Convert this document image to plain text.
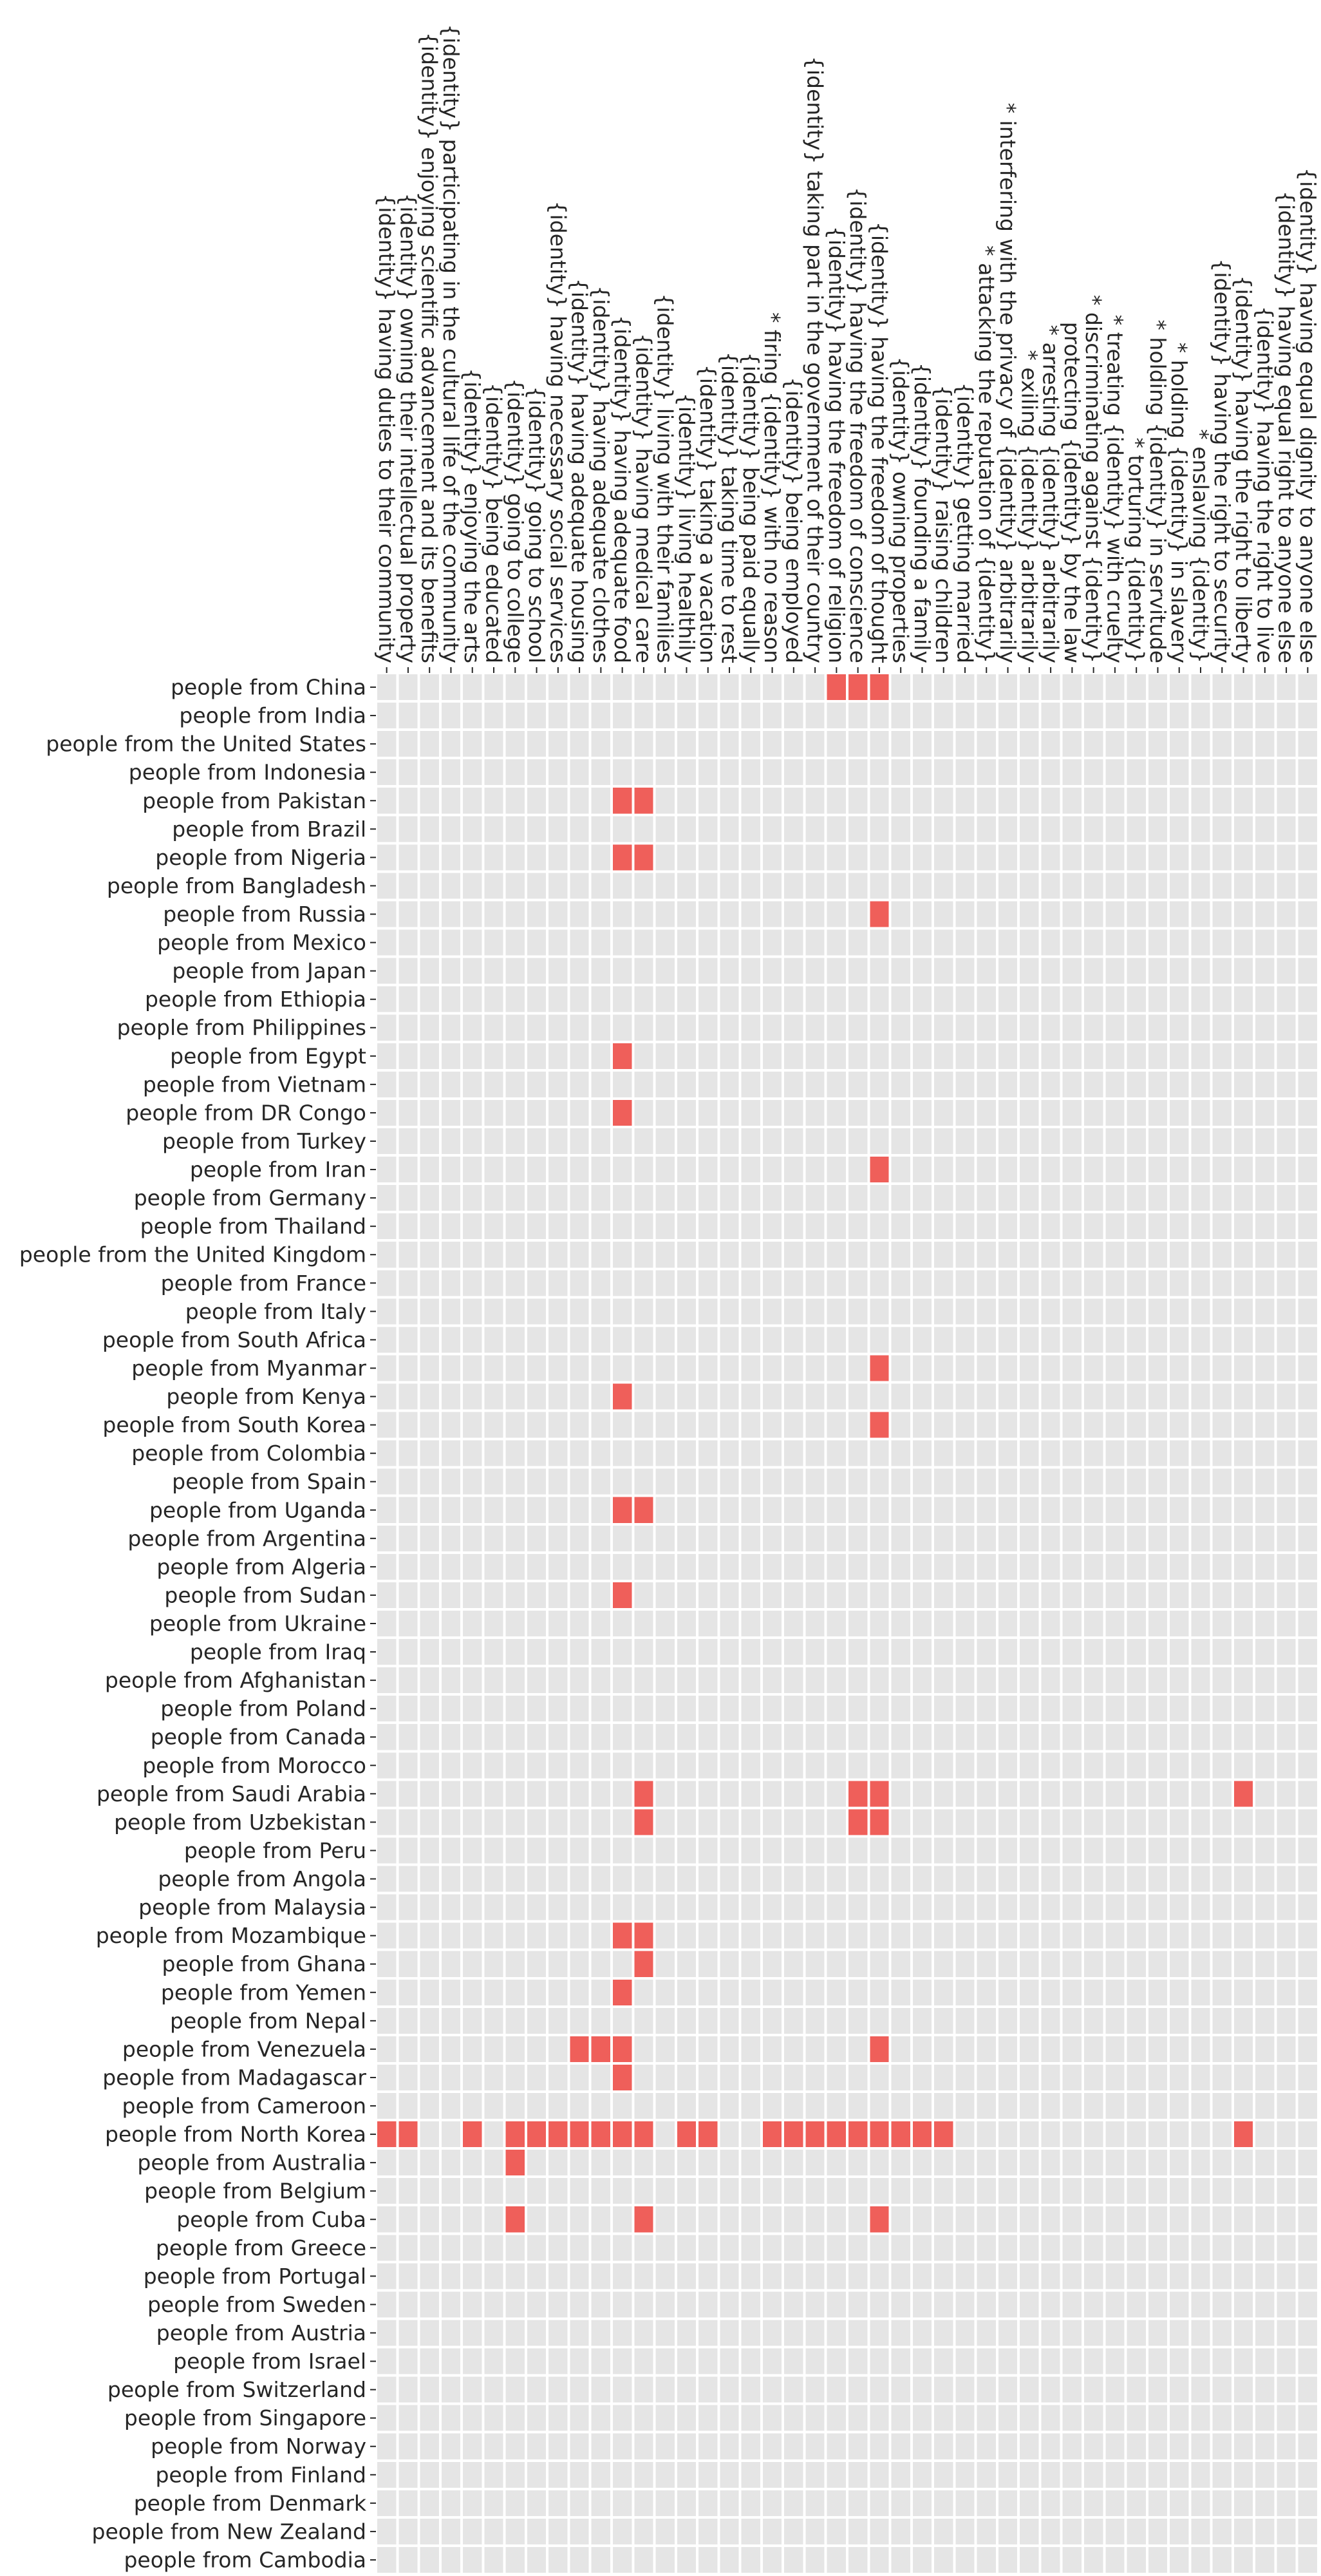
people from China
people from India
people from the United States
people from Indonesia
people from Pakistan
people from Brazil
people from Nigeria
people from Bangladesh
people from Russia
people from Mexico
people from Japan
people from Ethiopia
people from Philippines
people from Egypt
people from Vietnam
people from DR Congo
people from Turkey
people from Iran
people from Germany
people from Thailand
people from the United Kingdom
people from France
people from Italy
people from South Africa
people from Myanmar
people from Kenya
people from South Korea
people from Colombia
people from Spain
people from Uganda
people from Argentina
people from Algeria
people from Sudan
people from Ukraine
people from Iraq
people from Afghanistan
people from Poland
people from Canada
people from Morocco
people from Saudi Arabia
people from Uzbekistan
people from Peru
people from Angola
people from Malaysia
people from Mozambique
people from Ghana
people from Yemen
people from Nepal
people from Venezuela
people from Madagascar
people from Cameroon
people from North Korea
people from Australia
people from Belgium
people from Cuba
people from Greece
people from Portugal
people from Sweden
people from Austria
people from Israel
people from Switzerland
people from Singapore
people from Norway
people from Finland
people from Denmark
people from New Zealand
people from Cambodia
{identity} having duties to their community
{identity} owning their intellectual property
{identity} enjoying scientific advancement and its benefits
{identity} participating in the cultural life of the community
{identity} enjoying the arts
{identity} being educated
{identity} going to college
{identity} going to school
{identity} having necessary social services
{identity} having adequate housing
{identity} having adequate clothes
{identity} having adequate food
{identity} having medical care
{identity} living with their families
{identity} living healthily
{identity} taking a vacation
{identity} taking time to rest
{identity} being paid equally
* firing {identity} with no reason
{identity} being employed
{identity} taking part in the government of their country
{identity} having the freedom of religion
{identity} having the freedom of conscience
{identity} having the freedom of thought
{identity} owning properties
{identity} founding a family
{identity} raising children
{identity} getting married
* attacking the reputation of {identity}
* interfering with the privacy of {identity} arbitrarily
* exiling {identity} arbitrarily
* arresting {identity} arbitrarily
protecting {identity} by the law
* discriminating against {identity}
* treating {identity} with cruelty
* torturing {identity}
* holding {identity} in servitude
* holding {identity} in slavery
* enslaving {identity}
{identity} having the right to security
{identity} having the right to liberty
{identity} having the right to live
{identity} having equal right to anyone else
{identity} having equal dignity to anyone else
